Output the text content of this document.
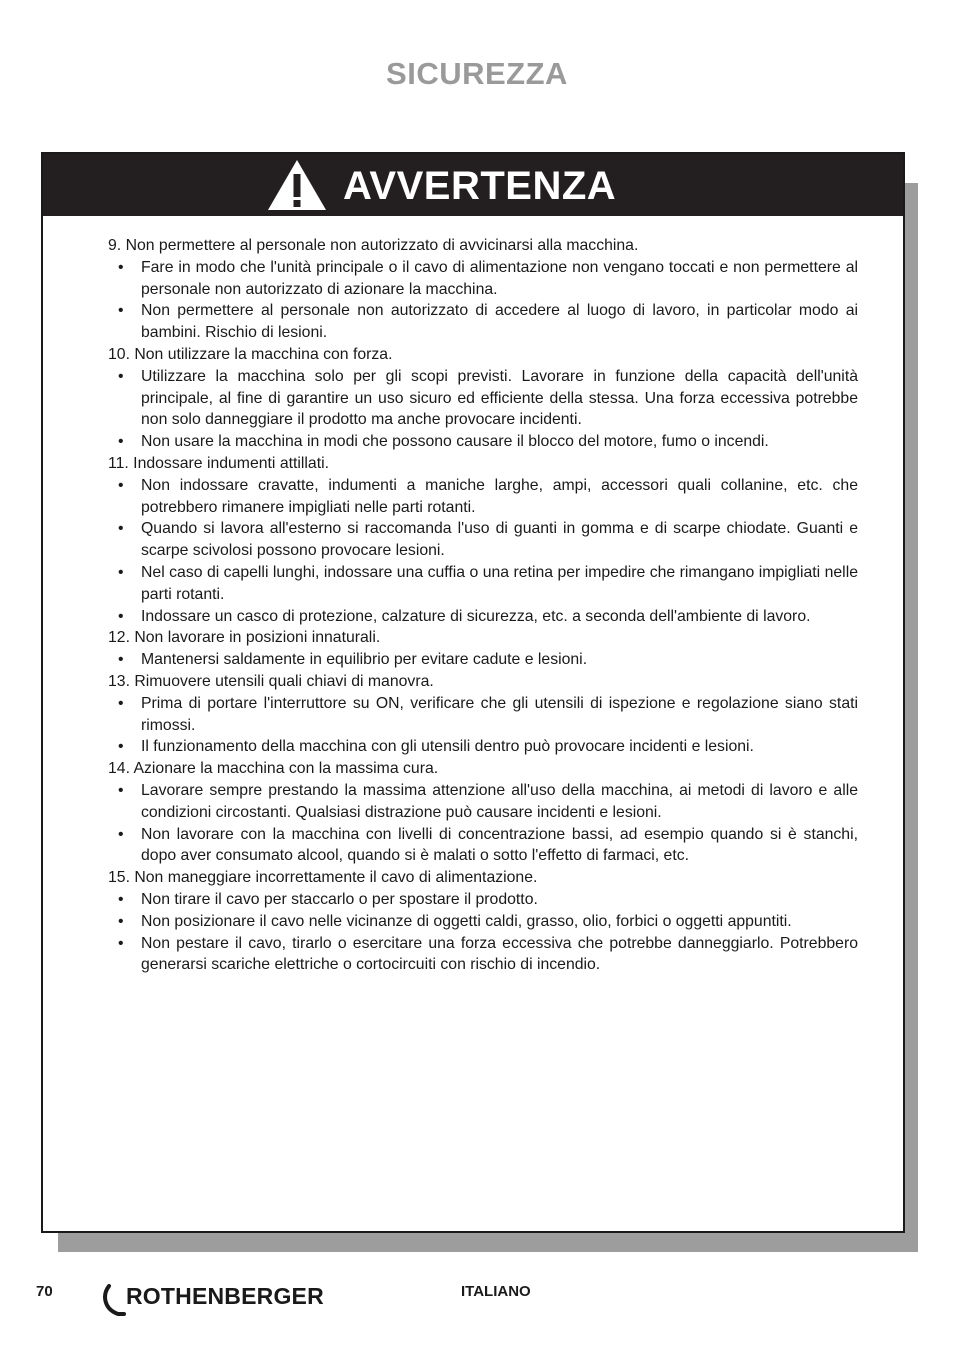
SICUREZZA
AVVERTENZA
9. Non permettere al personale non autorizzato di avvicinarsi alla macchina.
• Fare in modo che l'unità principale o il cavo di alimentazione non vengano toccati e non permettere al personale non autorizzato di azionare la macchina.
• Non permettere al personale non autorizzato di accedere al luogo di lavoro, in particolar modo ai bambini. Rischio di lesioni.
10. Non utilizzare la macchina con forza.
• Utilizzare la macchina solo per gli scopi previsti. Lavorare in funzione della capacità dell'unità principale, al fine di garantire un uso sicuro ed efficiente della stessa. Una forza eccessiva potrebbe non solo danneggiare il prodotto ma anche provocare incidenti.
• Non usare la macchina in modi che possono causare il blocco del motore, fumo o incendi.
11. Indossare indumenti attillati.
• Non indossare cravatte, indumenti a maniche larghe, ampi, accessori quali collanine, etc. che potrebbero rimanere impigliati nelle parti rotanti.
• Quando si lavora all'esterno si raccomanda l'uso di guanti in gomma e di scarpe chiodate. Guanti e scarpe scivolosi possono provocare lesioni.
• Nel caso di capelli lunghi, indossare una cuffia o una retina per impedire che rimangano impigliati nelle parti rotanti.
• Indossare un casco di protezione, calzature di sicurezza, etc. a seconda dell'ambiente di lavoro.
12. Non lavorare in posizioni innaturali.
• Mantenersi saldamente in equilibrio per evitare cadute e lesioni.
13. Rimuovere utensili quali chiavi di manovra.
• Prima di portare l'interruttore su ON, verificare che gli utensili di ispezione e regolazione siano stati rimossi.
• Il funzionamento della macchina con gli utensili dentro può provocare incidenti e lesioni.
14. Azionare la macchina con la massima cura.
• Lavorare sempre prestando la massima attenzione all'uso della macchina, ai metodi di lavoro e alle condizioni circostanti. Qualsiasi distrazione può causare incidenti e lesioni.
• Non lavorare con la macchina con livelli di concentrazione bassi, ad esempio quando si è stanchi, dopo aver consumato alcool, quando si è malati o sotto l'effetto di farmaci, etc.
15. Non maneggiare incorrettamente il cavo di alimentazione.
• Non tirare il cavo per staccarlo o per spostare il prodotto.
• Non posizionare il cavo nelle vicinanze di oggetti caldi, grasso, olio, forbici o oggetti appuntiti.
• Non pestare il cavo, tirarlo o esercitare una forza eccessiva che potrebbe danneggiarlo. Potrebbero generarsi scariche elettriche o cortocircuiti con rischio di incendio.
70	ROTHENBERGER	ITALIANO
